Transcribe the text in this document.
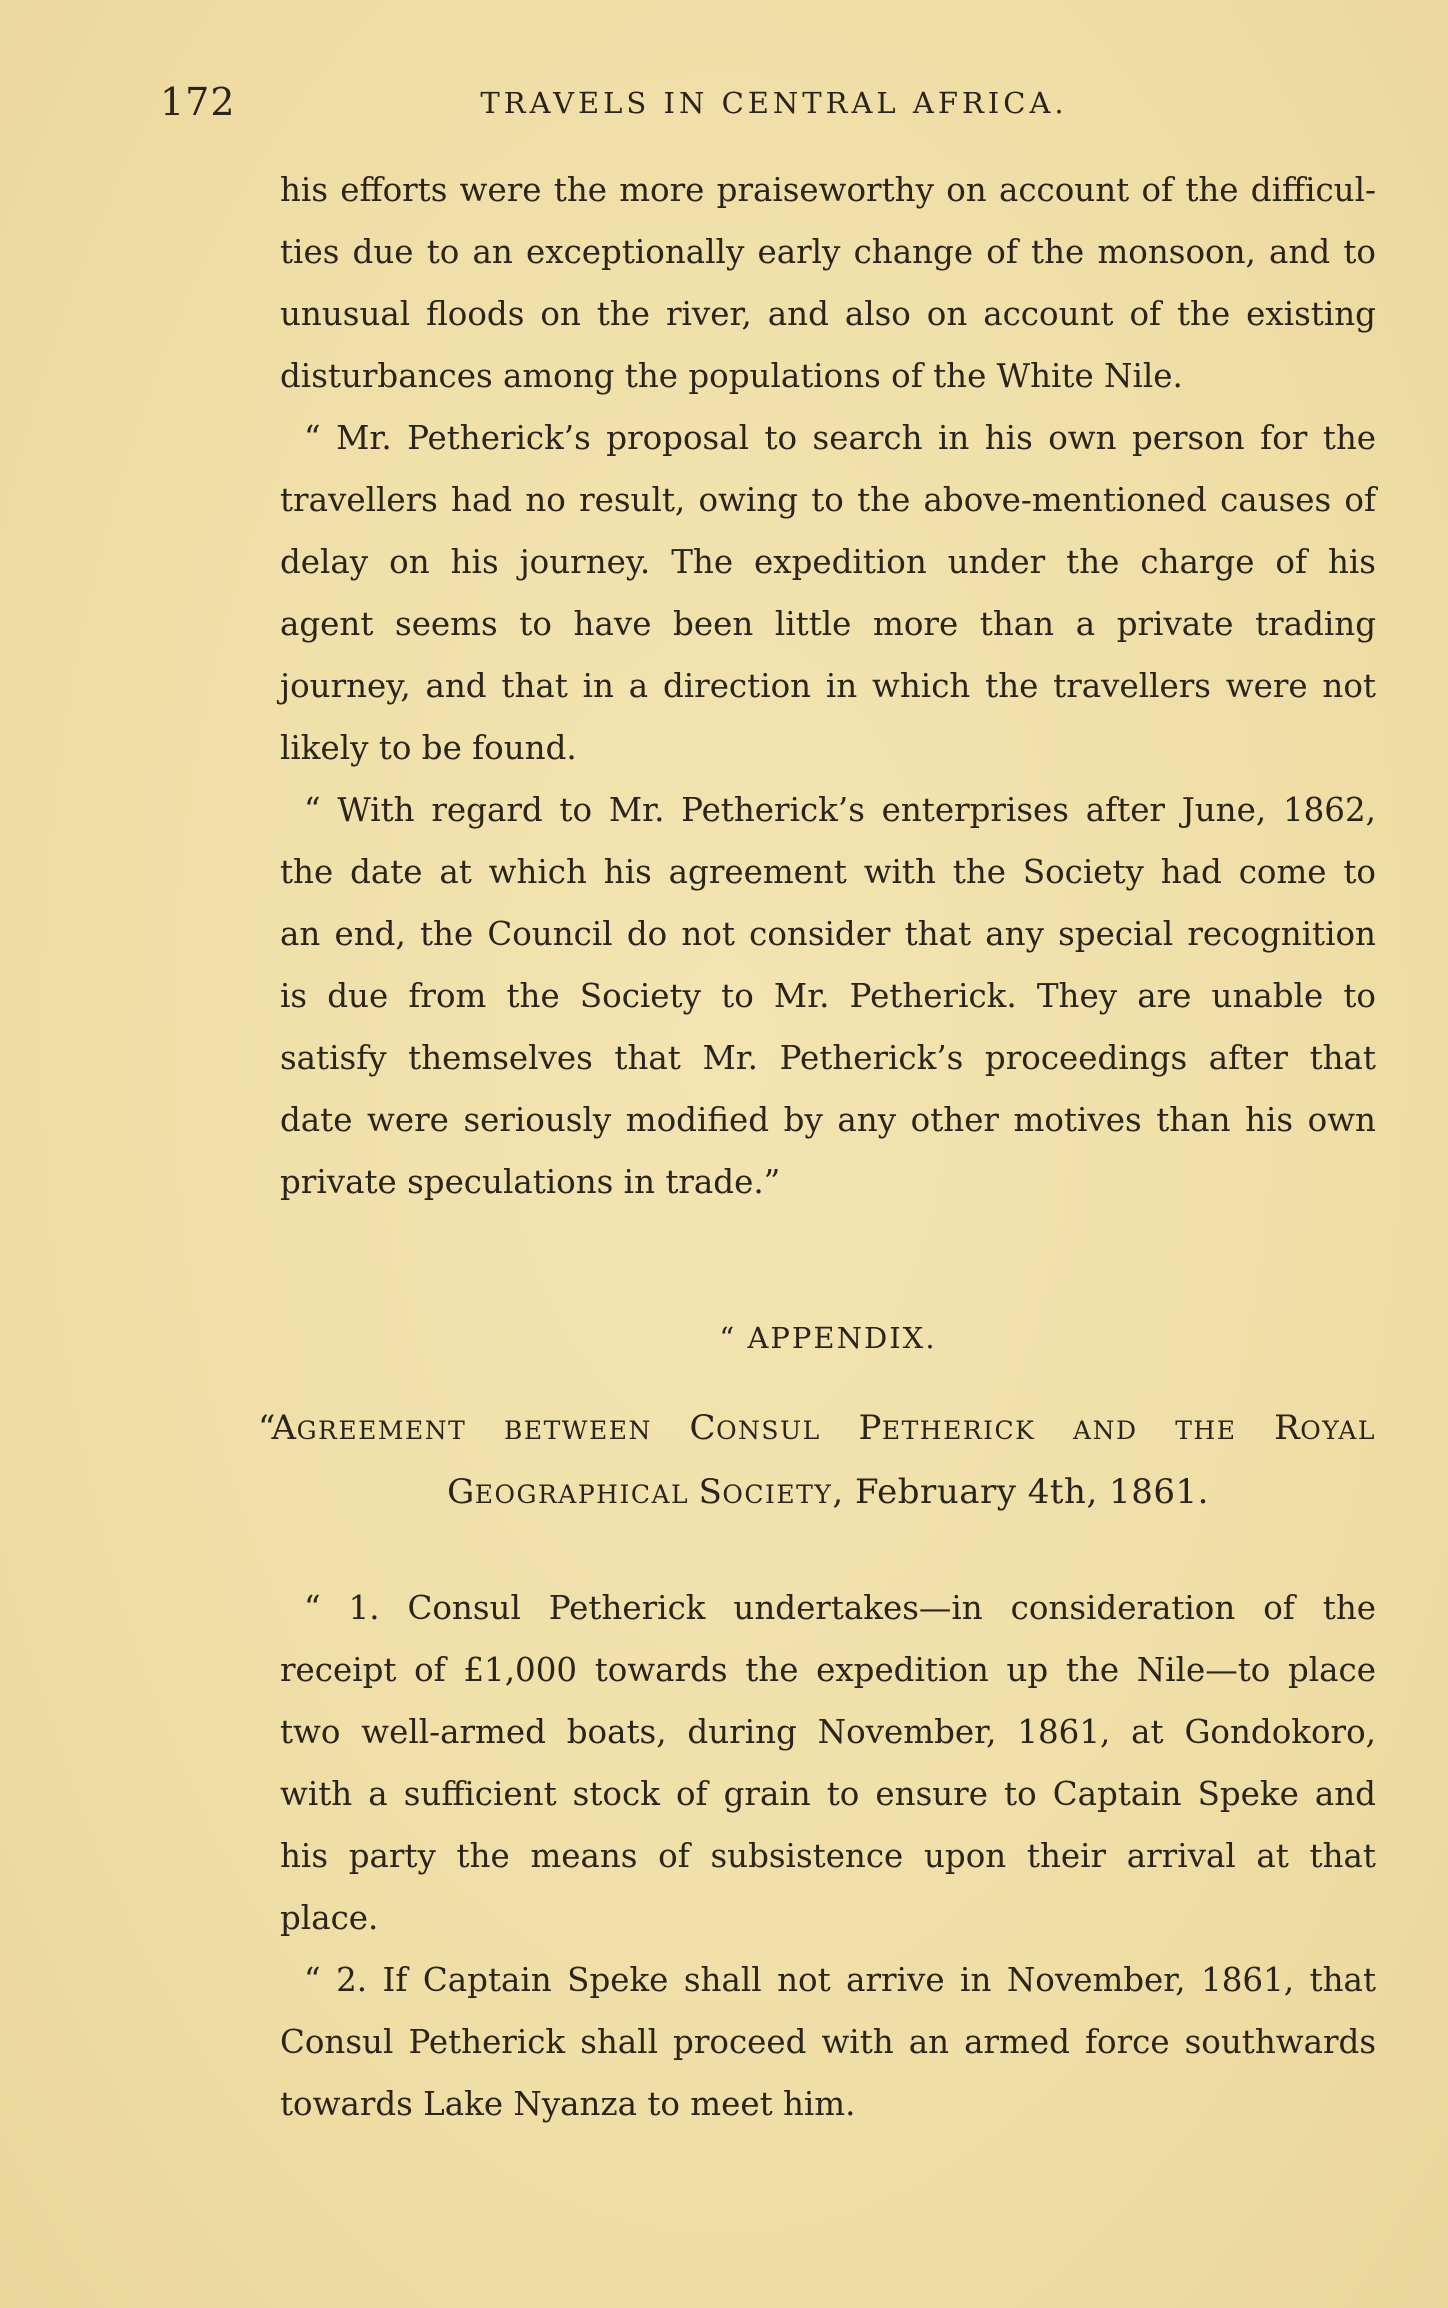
172	TRAVELS IN CENTRAL AFRICA.
his efforts were the more praiseworthy on account of the difficul-
ties due to an exceptionally early change of the monsoon, and to
unusual floods on the river, and also on account of the existing
disturbances among the populations of the White Nile.
“ Mr. Petherick’s proposal to search in his own person for the
travellers had no result, owing to the above-mentioned causes of
delay on his journey. The expedition under the charge of his
agent seems to have been little more than a private trading
journey, and that in a direction in which the travellers were not
likely to be found.
“ With regard to Mr. Petherick’s enterprises after June, 1862,
the date at which his agreement with the Society had come to
an end, the Council do not consider that any special recognition
is due from the Society to Mr. Petherick. They are unable to
satisfy themselves that Mr. Petherick’s proceedings after that
date were seriously modified by any other motives than his own
private speculations in trade.”
“ APPENDIX.
“AGREEMENT BETWEEN CONSUL PETHERICK AND THE ROYAL
GEOGRAPHICAL SOCIETY, February 4th, 1861.
“ 1. Consul Petherick undertakes—in consideration of the
receipt of £1,000 towards the expedition up the Nile—to place
two well-armed boats, during November, 1861, at Gondokoro,
with a sufficient stock of grain to ensure to Captain Speke and
his party the means of subsistence upon their arrival at that
place.
“ 2. If Captain Speke shall not arrive in November, 1861, that
Consul Petherick shall proceed with an armed force southwards
towards Lake Nyanza to meet him.
